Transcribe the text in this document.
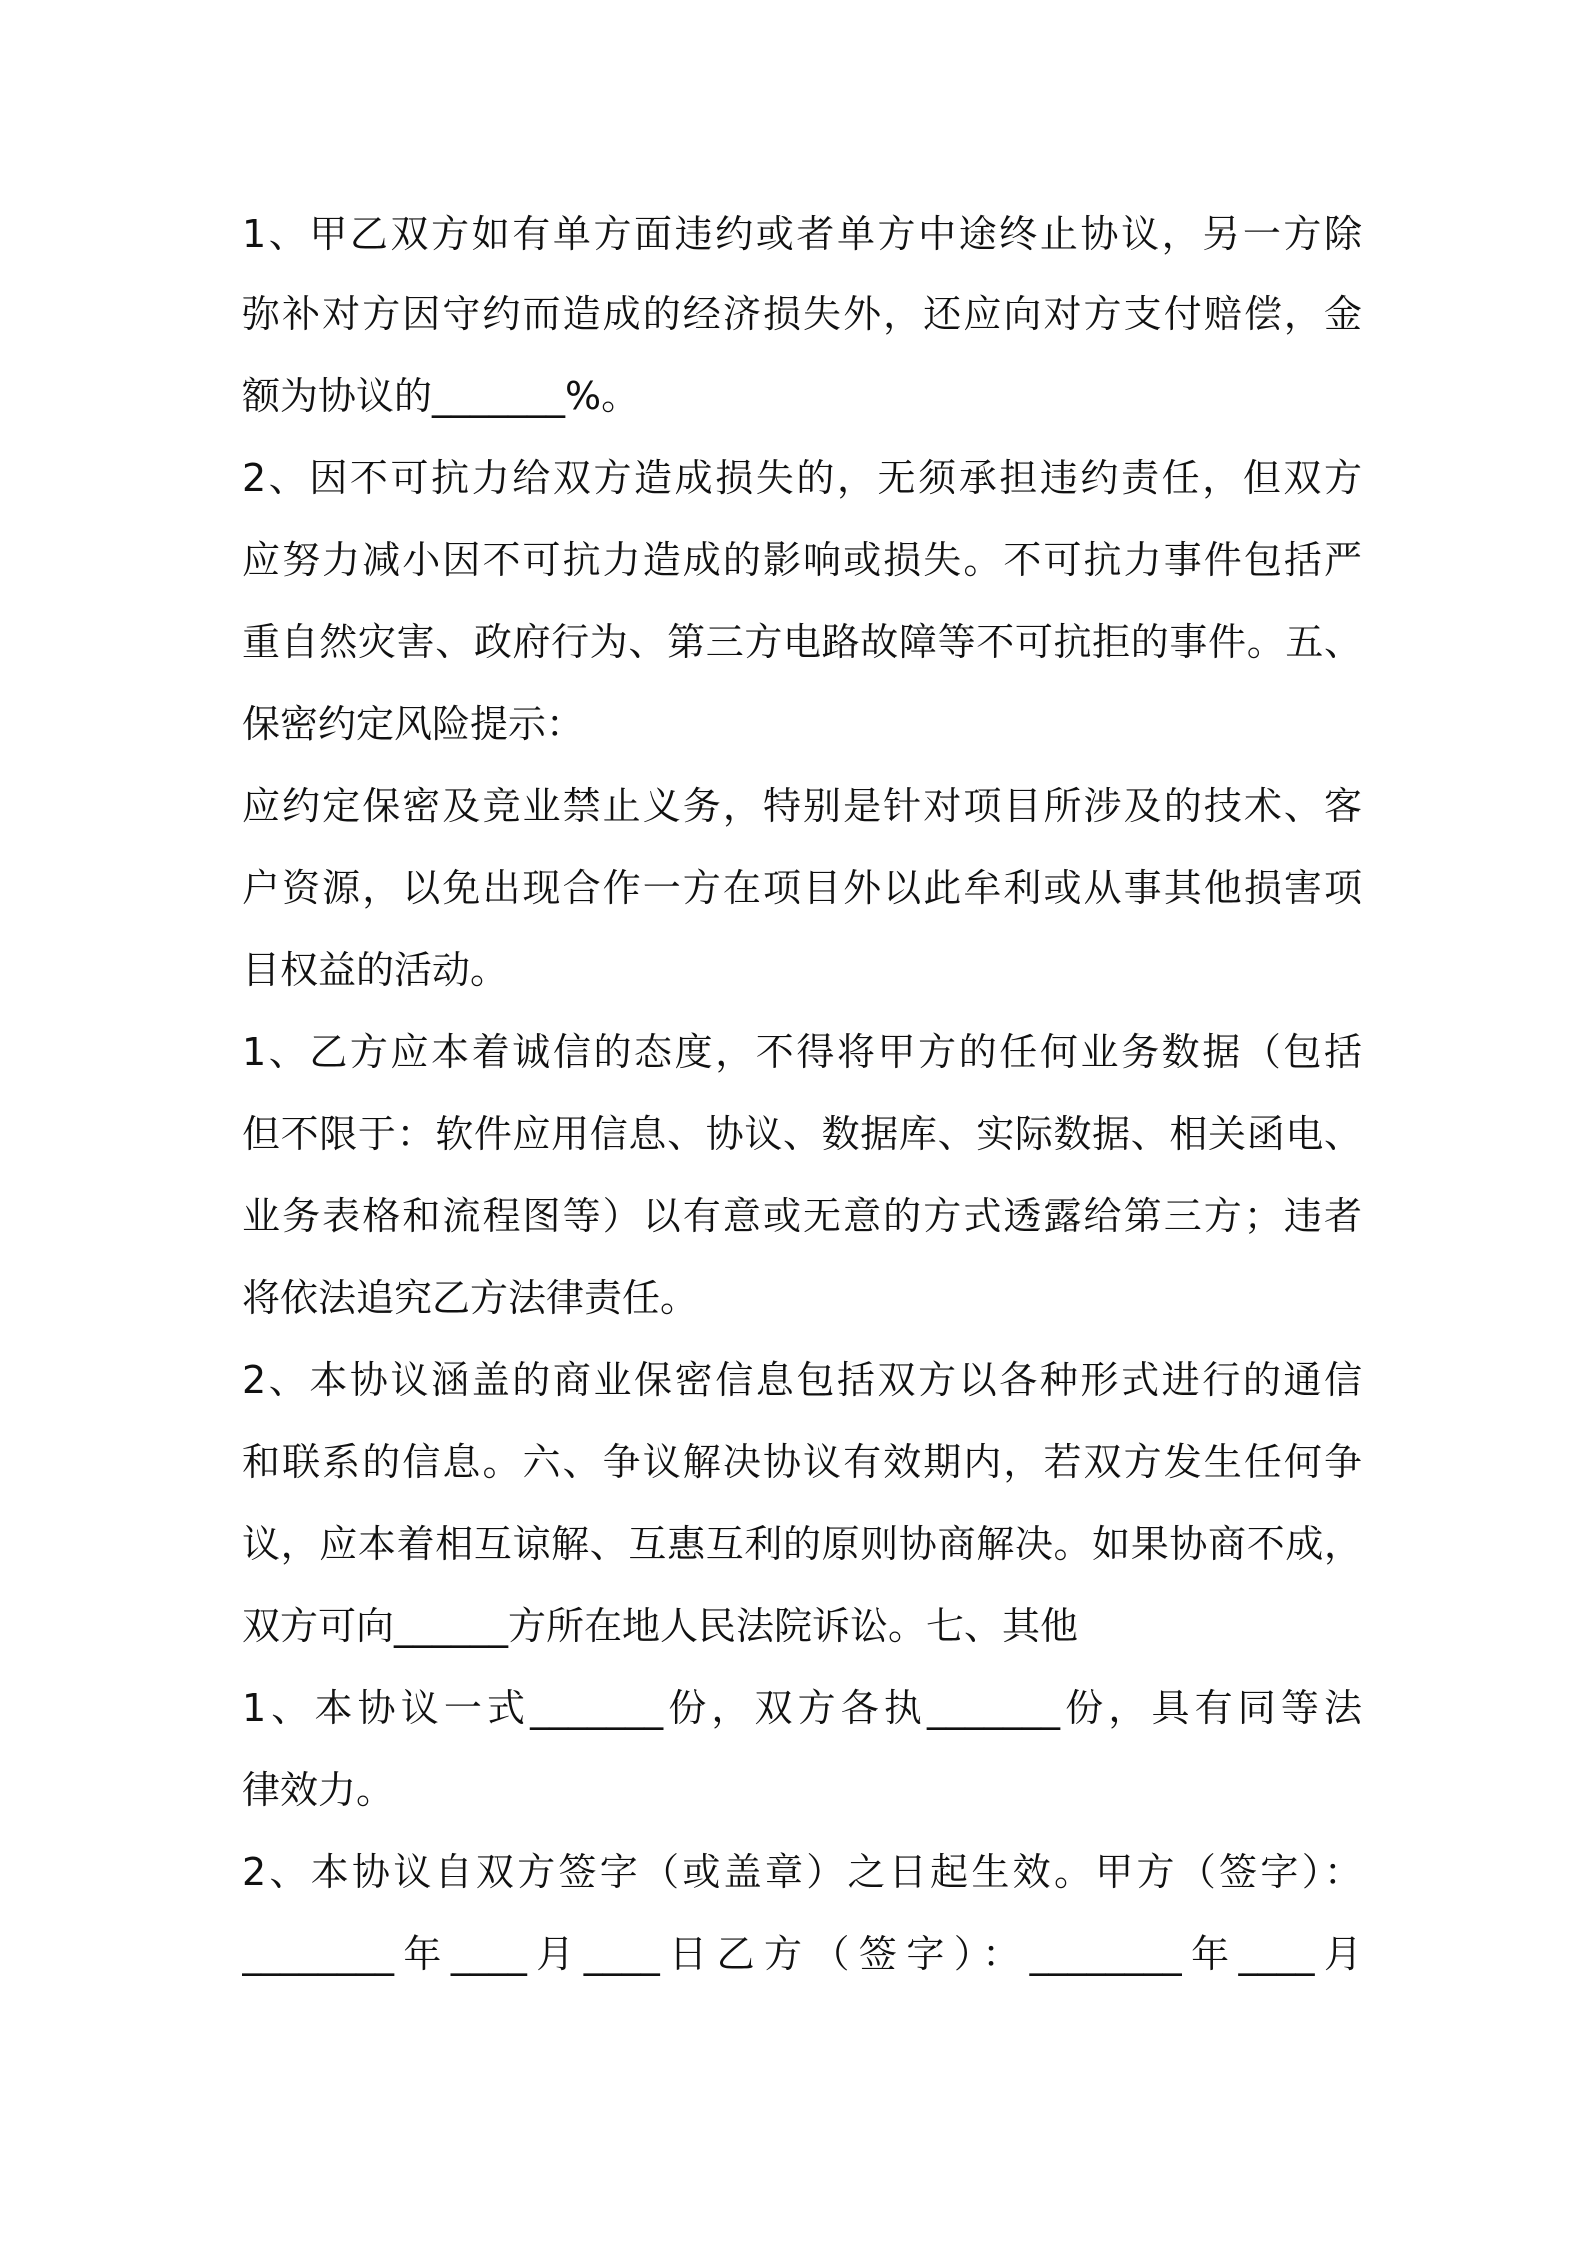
1、甲乙双方如有单方面违约或者单方中途终止协议，另一方除
弥补对方因守约而造成的经济损失外，还应向对方支付赔偿，金
额为协议的_______%。
2、因不可抗力给双方造成损失的，无须承担违约责任，但双方
应努力减小因不可抗力造成的影响或损失。不可抗力事件包括严
重自然灾害、政府行为、第三方电路故障等不可抗拒的事件。五、
保密约定风险提示：
应约定保密及竞业禁止义务，特别是针对项目所涉及的技术、客
户资源，以免出现合作一方在项目外以此牟利或从事其他损害项
目权益的活动。
1、乙方应本着诚信的态度，不得将甲方的任何业务数据（包括
但不限于：软件应用信息、协议、数据库、实际数据、相关函电、
业务表格和流程图等）以有意或无意的方式透露给第三方；违者
将依法追究乙方法律责任。
2、本协议涵盖的商业保密信息包括双方以各种形式进行的通信
和联系的信息。六、争议解决协议有效期内，若双方发生任何争
议，应本着相互谅解、互惠互利的原则协商解决。如果协商不成，
双方可向______方所在地人民法院诉讼。七、其他
1、本协议一式_______份，双方各执_______份，具有同等法
律效力。
2、本协议自双方签字（或盖章）之日起生效。甲方（签字）：
________年____月____日乙方（签字）：________年____月
